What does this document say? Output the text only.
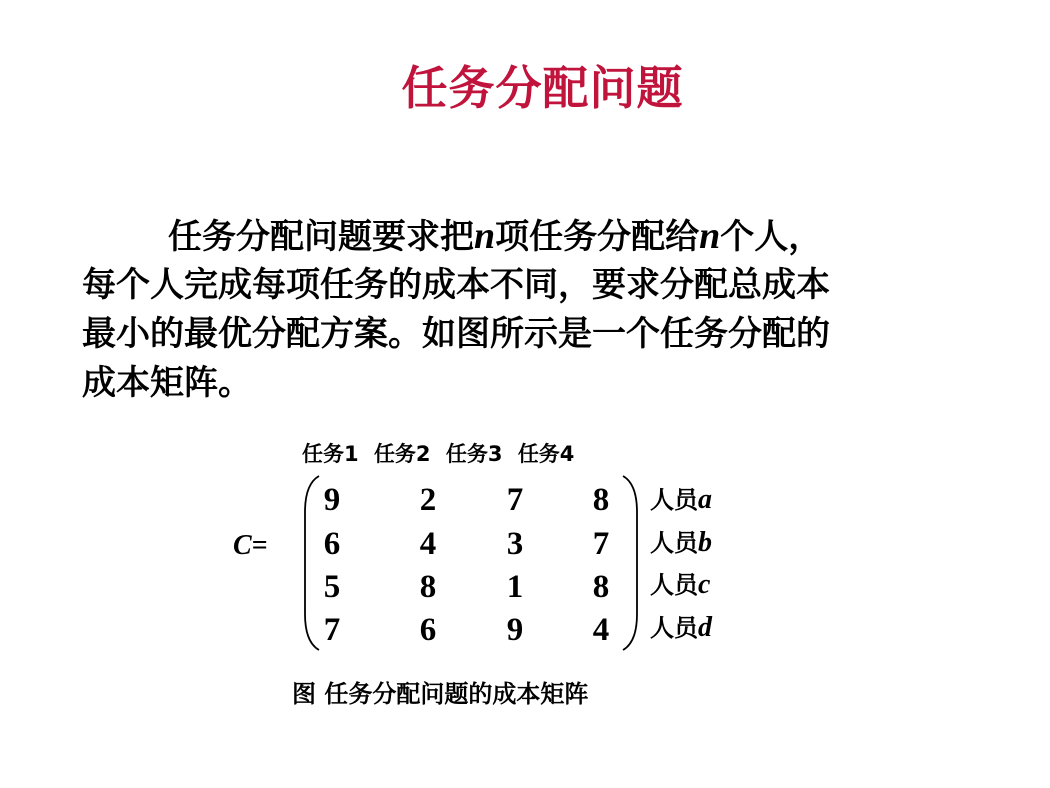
任务分配问题
任务分配问题要求把n项任务分配给n个人，
每个人完成每项任务的成本不同，要求分配总成本
最小的最优分配方案。如图所示是一个任务分配的
成本矩阵。
任务1 任务2 任务3 任务4
C=
9 2 7 8
6 4 3 7
5 8 1 8
7 6 9 4
人员a
人员b
人员c
人员d
图 任务分配问题的成本矩阵
